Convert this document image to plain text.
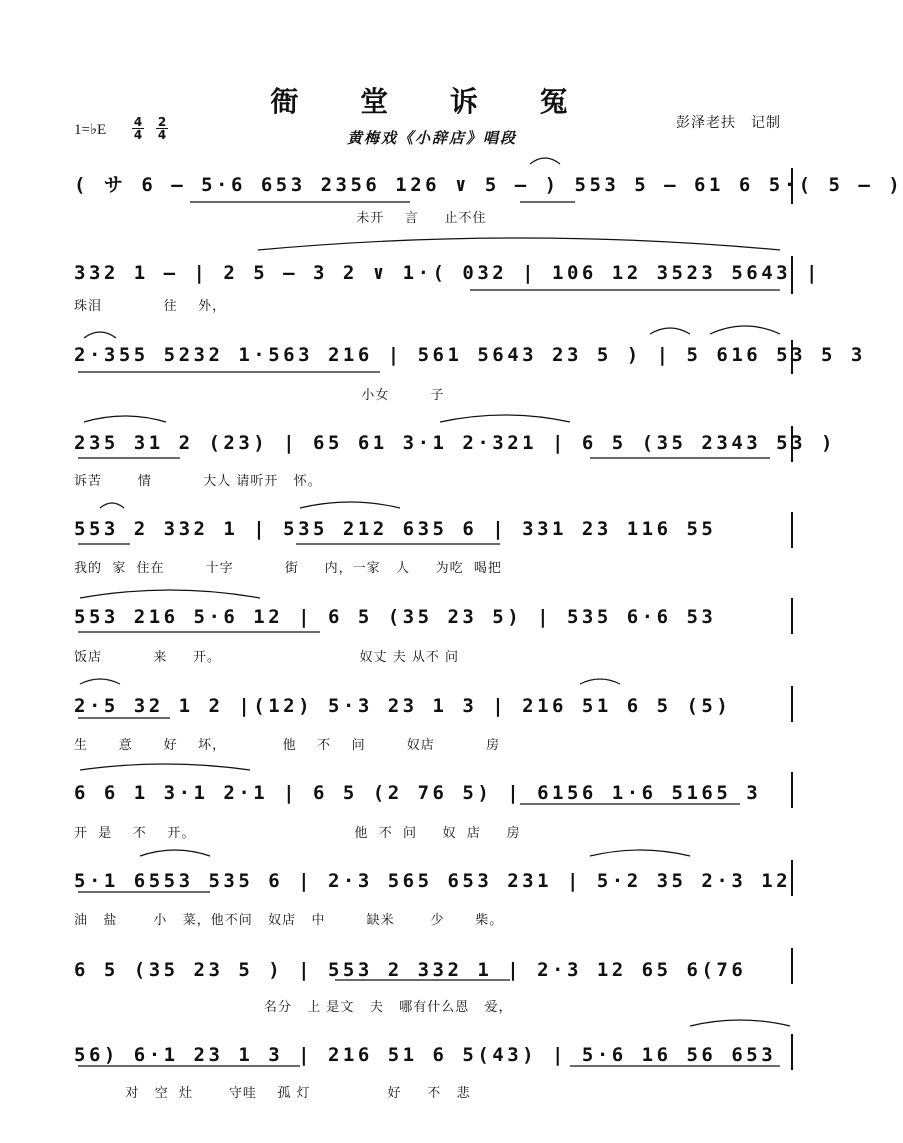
衙 堂 诉 冤
黄梅戏《小辞店》唱段
1=♭E $\frac{4}{4} \frac{2}{4}$	彭泽老扶　记制
( サ 6 – 5·6 653 2356 126 ∨ 5 – ) 553 5 – 61 6 5·( 5 – )
未开    言     止不住
332 1 – | 2 5 – 3 2 ∨ 1·( 032 | 106 12 3523 5643 |
珠泪            往    外，
2·355 5232 1·563 216 | 561 5643 23 5 ) | 5 616 53 5 3
小女        子
235 31 2 (23) | 65 61 3·1 2·321 | 6 5 (35 2343 53 )
诉苦       情          大人 请听开   怀。
553 2 332 1 | 535 212 635 6 | 331 23 116 55
我的  家  住在        十字          街     内，一家   人     为吃  喝把
553 216 5·6 12 | 6 5 (35 23 5) | 535 6·6 53
饭店          来     开。                           奴丈 夫 从不 问
2·5 32 1 2 |(12) 5·3 23 1 3 | 216 51 6 5 (5)
生      意      好    坏，           他    不    问        奴店          房
6 6 1 3·1 2·1 | 6 5 (2 76 5) | 6156 1·6 5165 3
开  是    不    开。                               他  不  问     奴  店     房
5·1 6553 535 6 | 2·3 565 653 231 | 5·2 35 2·3 12
油   盐       小   菜，他不问   奴店   中        缺米       少      柴。
6 5 (35 23 5 ) | 553 2 332 1 | 2·3 12 65 6(76
名分   上 是文   夫   哪有什么恩   爱，
56) 6·1 23 1 3 | 216 51 6 5(43) | 5·6 16 56 653
对   空  灶       守哇    孤 灯               好     不   悲
